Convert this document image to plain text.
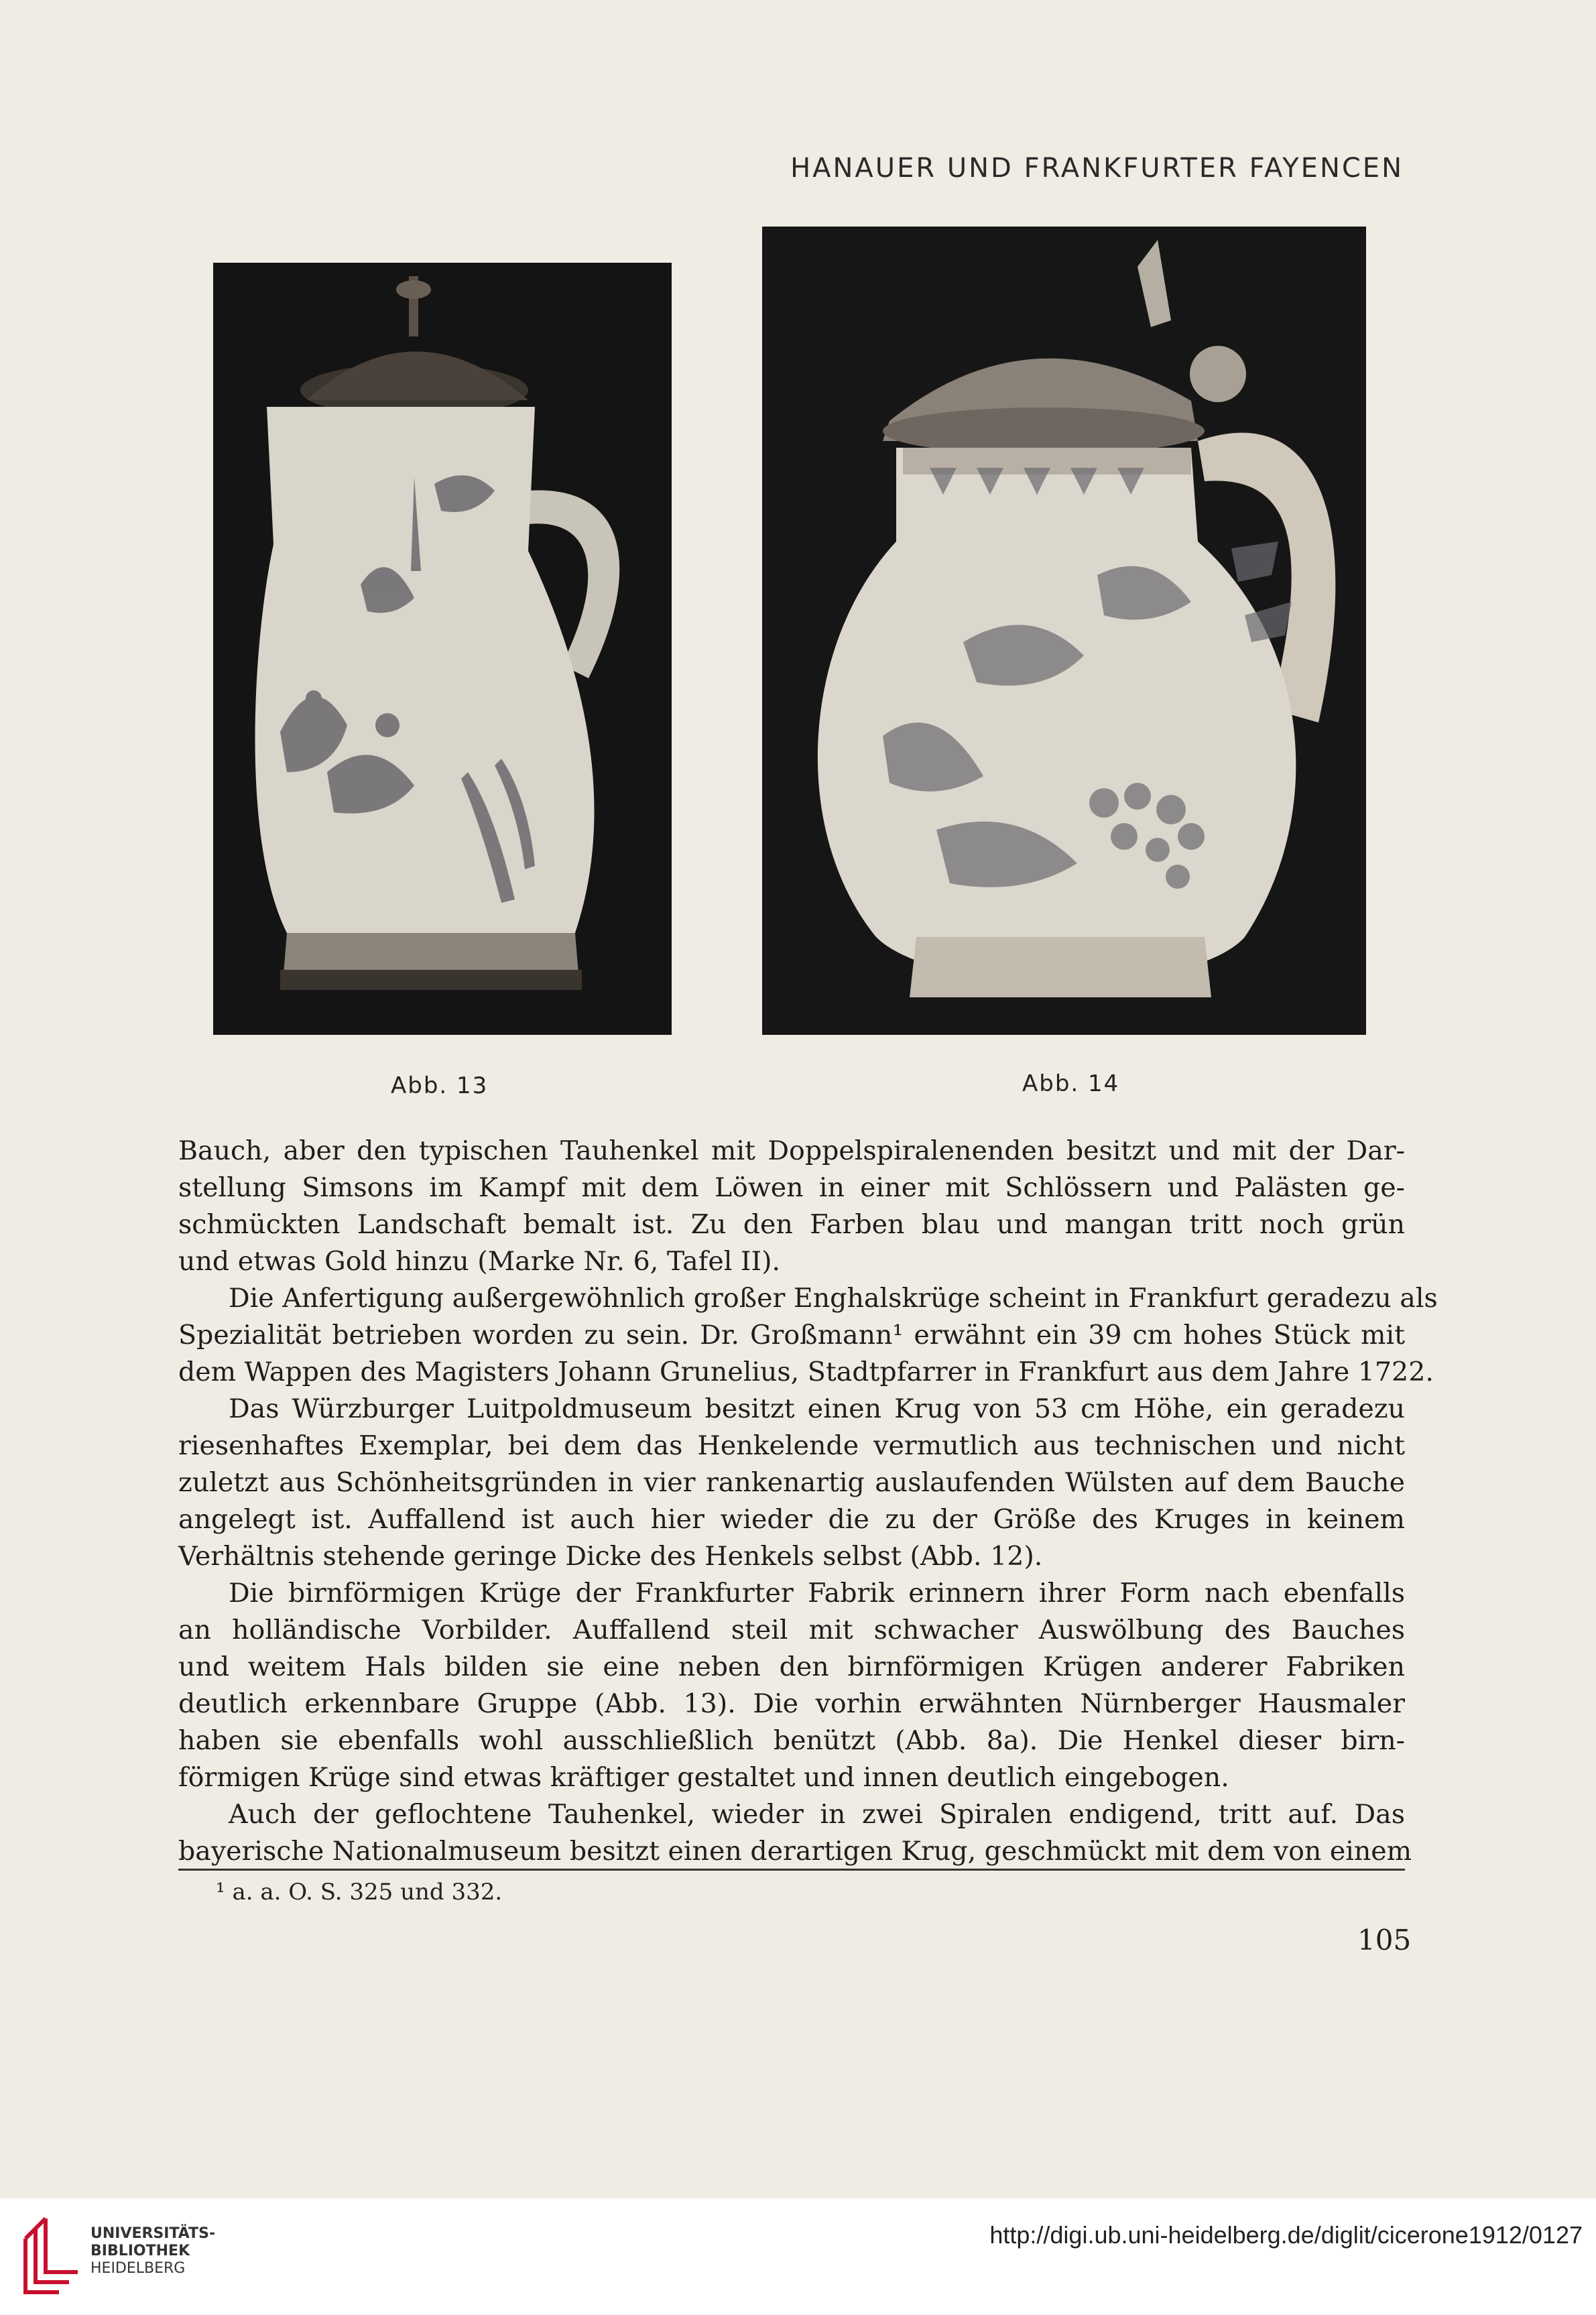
HANAUER UND FRANKFURTER FAYENCEN
Abb. 13	Abb. 14
Bauch, aber den typischen Tauhenkel mit Doppelspiralenenden besitzt und mit der Dar-
stellung Simsons im Kampf mit dem Löwen in einer mit Schlössern und Palästen ge-
schmückten Landschaft bemalt ist. Zu den Farben blau und mangan tritt noch grün
und etwas Gold hinzu (Marke Nr. 6, Tafel II).
Die Anfertigung außergewöhnlich großer Enghalskrüge scheint in Frankfurt geradezu als
Spezialität betrieben worden zu sein. Dr. Großmann¹ erwähnt ein 39 cm hohes Stück mit
dem Wappen des Magisters Johann Grunelius, Stadtpfarrer in Frankfurt aus dem Jahre 1722.
Das Würzburger Luitpoldmuseum besitzt einen Krug von 53 cm Höhe, ein geradezu
riesenhaftes Exemplar, bei dem das Henkelende vermutlich aus technischen und nicht
zuletzt aus Schönheitsgründen in vier rankenartig auslaufenden Wülsten auf dem Bauche
angelegt ist. Auffallend ist auch hier wieder die zu der Größe des Kruges in keinem
Verhältnis stehende geringe Dicke des Henkels selbst (Abb. 12).
Die birnförmigen Krüge der Frankfurter Fabrik erinnern ihrer Form nach ebenfalls
an holländische Vorbilder. Auffallend steil mit schwacher Auswölbung des Bauches
und weitem Hals bilden sie eine neben den birnförmigen Krügen anderer Fabriken
deutlich erkennbare Gruppe (Abb. 13). Die vorhin erwähnten Nürnberger Hausmaler
haben sie ebenfalls wohl ausschließlich benützt (Abb. 8a). Die Henkel dieser birn-
förmigen Krüge sind etwas kräftiger gestaltet und innen deutlich eingebogen.
Auch der geflochtene Tauhenkel, wieder in zwei Spiralen endigend, tritt auf. Das
bayerische Nationalmuseum besitzt einen derartigen Krug, geschmückt mit dem von einem
¹ a. a. O. S. 325 und 332.
105
UNIVERSITÄTS-
BIBLIOTHEK
HEIDELBERG
http://digi.ub.uni-heidelberg.de/diglit/cicerone1912/0127
